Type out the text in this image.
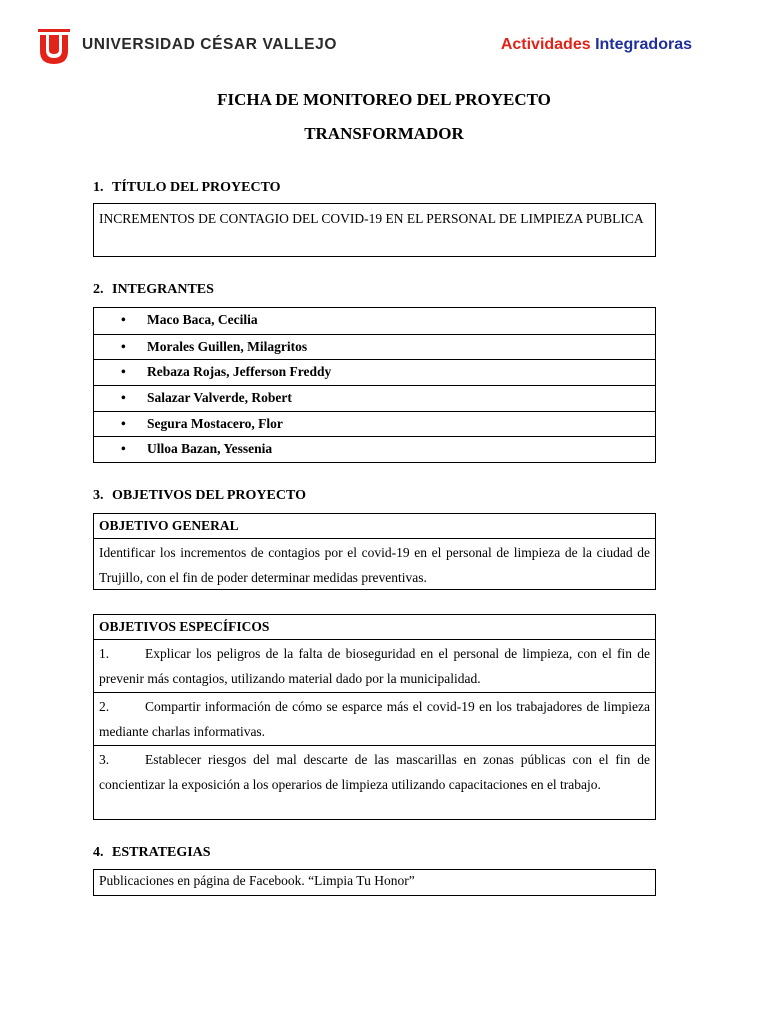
UNIVERSIDAD CÉSAR VALLEJO	Actividades Integradoras
FICHA DE MONITOREO DEL PROYECTO
TRANSFORMADOR
1. TÍTULO DEL PROYECTO
INCREMENTOS DE CONTAGIO DEL COVID-19 EN EL PERSONAL DE LIMPIEZA PUBLICA
2. INTEGRANTES
• Maco Baca, Cecilia
• Morales Guillen, Milagritos
• Rebaza Rojas, Jefferson Freddy
• Salazar Valverde, Robert
• Segura Mostacero, Flor
• Ulloa Bazan, Yessenia
3. OBJETIVOS DEL PROYECTO
OBJETIVO GENERAL
Identificar los incrementos de contagios por el covid-19 en el personal de limpieza de la ciudad de Trujillo, con el fin de poder determinar medidas preventivas.
OBJETIVOS ESPECÍFICOS
1.	Explicar los peligros de la falta de bioseguridad en el personal de limpieza, con el fin de prevenir más contagios, utilizando material dado por la municipalidad.
2.	Compartir información de cómo se esparce más el covid-19 en los trabajadores de limpieza mediante charlas informativas.
3.	Establecer riesgos del mal descarte de las mascarillas en zonas públicas con el fin de concientizar la exposición a los operarios de limpieza utilizando capacitaciones en el trabajo.
4. ESTRATEGIAS
Publicaciones en página de Facebook. “Limpia Tu Honor”
